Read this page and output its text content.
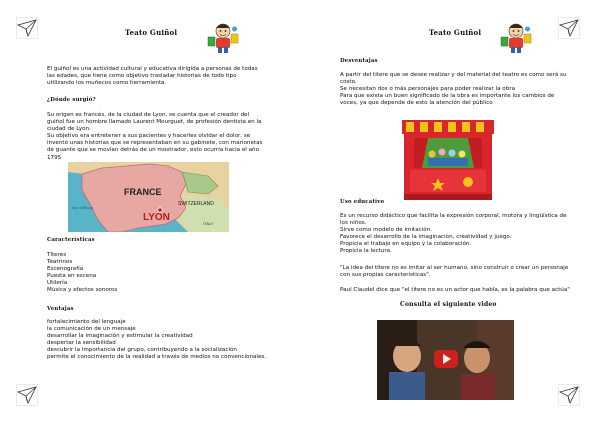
Teato Guiñol
El guiñol es una actividad cultural y educativa dirigida a personas de todas
las edades, que tiene como objetivo trasladar historias de todo tipo
utilizando los muñecos como herramienta.
¿Dónde surgió?
Su origen es francés, de la ciudad de Lyon, se cuenta que el creador del
guiñol fue un hombre llamado Laurent Mourguet, de profesión dentista en la
ciudad de Lyon.
Su objetivo era entretener a sus pacientes y hacerles olvidar el dolor, se
inventó unas historias que se representaban en su gabinete, con marionetas
de guante que se movían detrás de un mostrador, esto ocurría hacia el año
1795
FRANCE
LYON
SWITZERLAND
ITALY
Bay of Biscay
Características
Títeres
Teatrinos
Escenografía
Puesta en escena
Utilería
Música y efectos sonoros
Ventajas
fortalecimiento del lenguaje
la comunicación de un mensaje
desarrollar la imaginación y estimular la creatividad
despertar la sensibilidad
descubrir la importancia del grupo, contribuyendo a la socialización
permite el conocimiento de la realidad a través de medios no convencionales.
Teato Guiñol
Desventajas
A partir del titere que se desee realizar y del material del teatro es como será su
costo.
Se necesitan dos o más personajes para poder realizar la obra
Para que exista un buen significado de la obra es importante los cambios de
voces, ya que depende de esto la atención del público
Uso educativo
Es un recurso didáctico que facilita la expresión corporal, motora y lingüística de
los niños.
Sirve como modelo de imitación.
Favorece el desarrollo de la imaginación, creatividad y juego.
Propicia el trabajo en equipo y la colaboración.
Propicia la lectura.
"La idea del títere no es imitar al ser humano, sino construir o crear un personaje
con sus propias características".
Paul Claudel dice que "el títere no es un actor que habla, es la palabra que actúa"
Consulta el siguiente video
